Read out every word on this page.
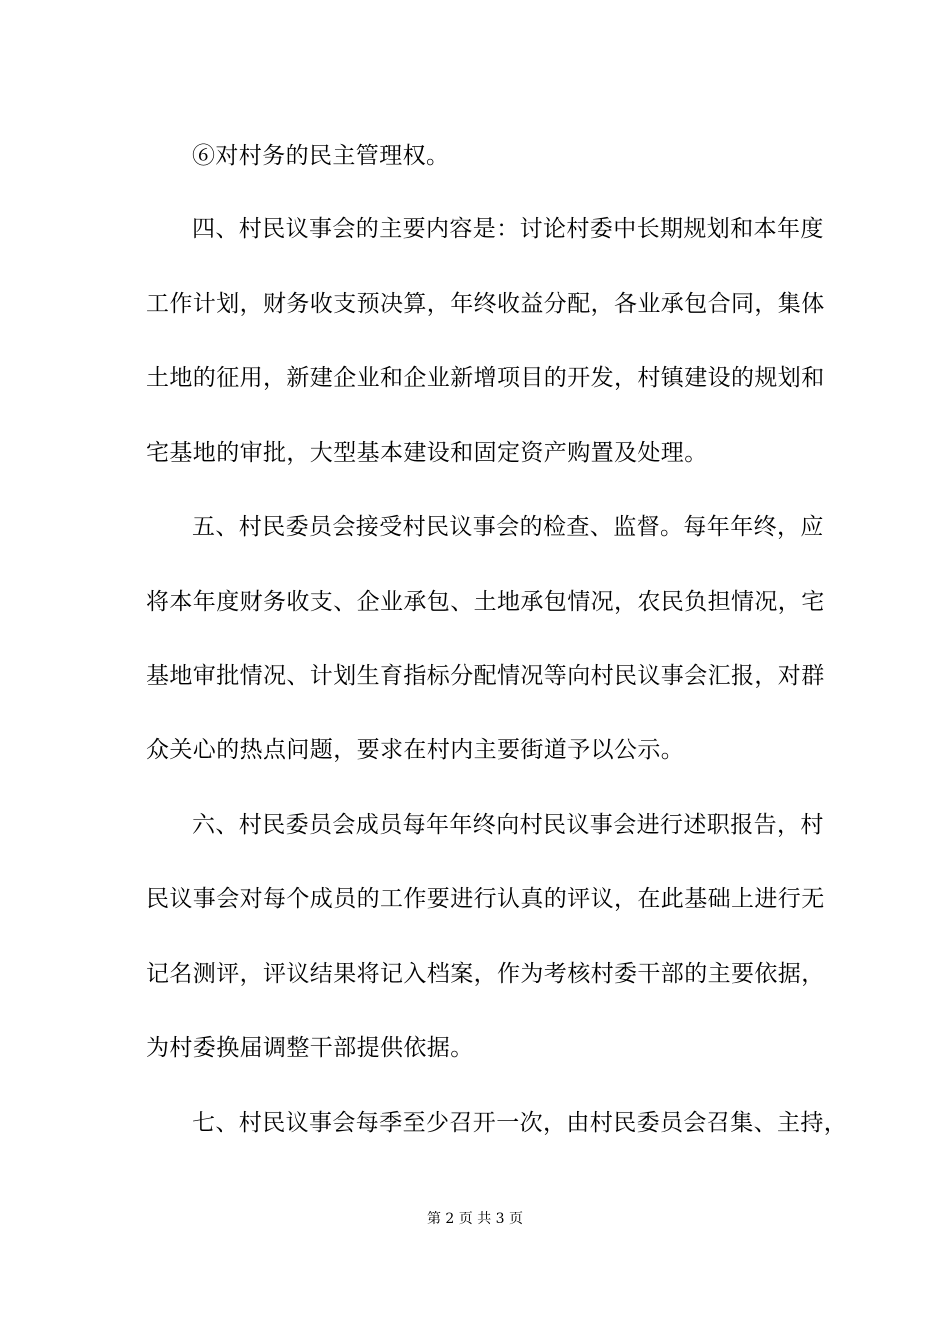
⑥对村务的民主管理权。
四、村民议事会的主要内容是：讨论村委中长期规划和本年度
工作计划，财务收支预决算，年终收益分配，各业承包合同，集体
土地的征用，新建企业和企业新增项目的开发，村镇建设的规划和
宅基地的审批，大型基本建设和固定资产购置及处理。
五、村民委员会接受村民议事会的检查、监督。每年年终，应
将本年度财务收支、企业承包、土地承包情况，农民负担情况，宅
基地审批情况、计划生育指标分配情况等向村民议事会汇报，对群
众关心的热点问题，要求在村内主要街道予以公示。
六、村民委员会成员每年年终向村民议事会进行述职报告，村
民议事会对每个成员的工作要进行认真的评议，在此基础上进行无
记名测评，评议结果将记入档案，作为考核村委干部的主要依据，
为村委换届调整干部提供依据。
七、村民议事会每季至少召开一次，由村民委员会召集、主持，
第 2 页 共 3 页
